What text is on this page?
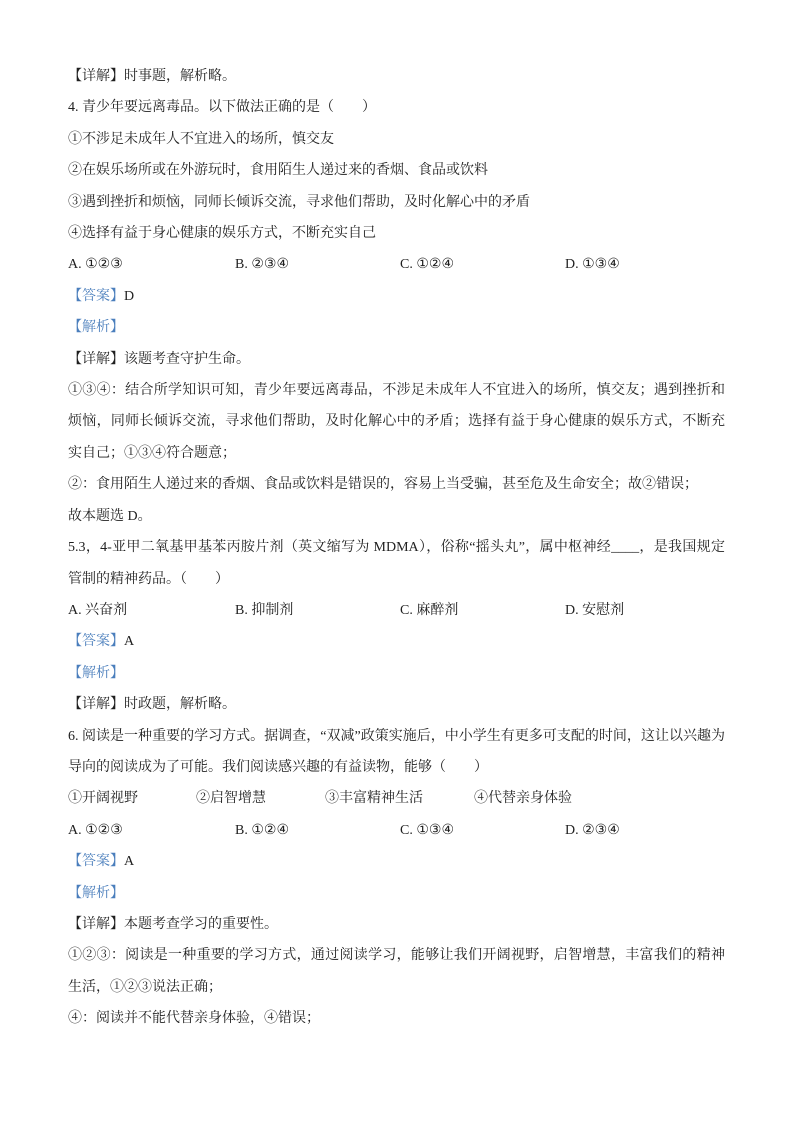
【详解】时事题，解析略。

4. 青少年要远离毒品。以下做法正确的是（　　）

①不涉足未成年人不宜进入的场所，慎交友

②在娱乐场所或在外游玩时，食用陌生人递过来的香烟、食品或饮料

③遇到挫折和烦恼，同师长倾诉交流，寻求他们帮助，及时化解心中的矛盾

④选择有益于身心健康的娱乐方式，不断充实自己

A. ①②③	B. ②③④	C. ①②④	D. ①③④

【答案】D

【解析】

【详解】该题考查守护生命。

①③④：结合所学知识可知，青少年要远离毒品，不涉足未成年人不宜进入的场所，慎交友；遇到挫折和烦恼，同师长倾诉交流，寻求他们帮助，及时化解心中的矛盾；选择有益于身心健康的娱乐方式，不断充实自己；①③④符合题意；

②：食用陌生人递过来的香烟、食品或饮料是错误的，容易上当受骗，甚至危及生命安全；故②错误；

故本题选 D。

5.3，4-亚甲二氧基甲基苯丙胺片剂（英文缩写为 MDMA），俗称“摇头丸”，属中枢神经____，是我国规定管制的精神药品。（　　）

A. 兴奋剂	B. 抑制剂	C. 麻醉剂	D. 安慰剂

【答案】A

【解析】

【详解】时政题，解析略。

6. 阅读是一种重要的学习方式。据调查，“双减”政策实施后，中小学生有更多可支配的时间，这让以兴趣为导向的阅读成为了可能。我们阅读感兴趣的有益读物，能够（　　）

①开阔视野	②启智增慧	③丰富精神生活	④代替亲身体验
A. ①②③	B. ①②④	C. ①③④	D. ②③④

【答案】A

【解析】

【详解】本题考查学习的重要性。

①②③：阅读是一种重要的学习方式，通过阅读学习，能够让我们开阔视野，启智增慧，丰富我们的精神生活，①②③说法正确；

④：阅读并不能代替亲身体验，④错误；
